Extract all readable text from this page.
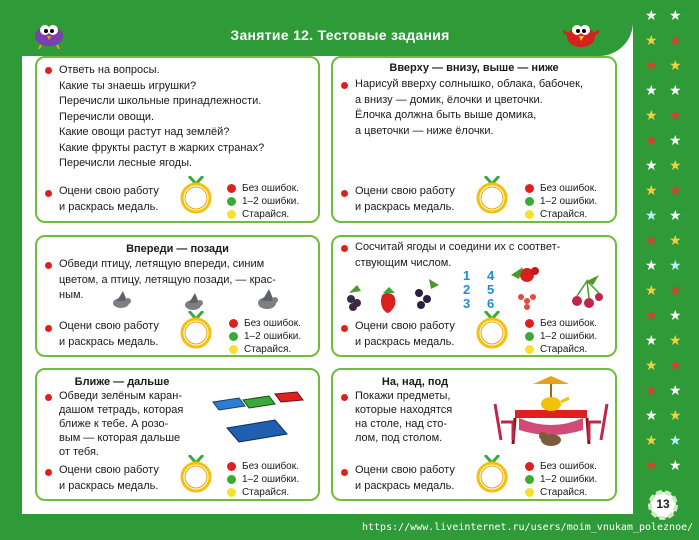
Занятие 12. Тестовые задания
★ ★
★ ★
★ ★
★ ★
★ ★
★ ★
★ ★
★ ★
★ ★
★ ★
★ ★
★ ★
★ ★
★ ★
★ ★
★ ★
★ ★
★ ★
★ ★
https://www.liveinternet.ru/users/moim_vnukam_poleznoe/
13
Ответь на вопросы.
Какие ты знаешь игрушки?
Перечисли школьные принадлежности.
Перечисли овощи.
Какие овощи растут над землёй?
Какие фрукты растут в жарких странах?
Перечисли лесные ягоды.
Оцени свою работу
и раскрась медаль.
Без ошибок.
1–2 ошибки.
Старайся.
Вверху — внизу, выше — ниже
Нарисуй вверху солнышко, облака, бабочек,
а внизу — домик, ёлочки и цветочки.
Ёлочка должна быть выше домика,
а цветочки — ниже ёлочки.
Оцени свою работу
и раскрась медаль.
Без ошибок.
1–2 ошибки.
Старайся.
Впереди — позади
Обведи птицу, летящую впереди, синим
цветом, а птицу, летящую позади, — крас-
ным.
Оцени свою работу
и раскрась медаль.
Без ошибок.
1–2 ошибки.
Старайся.
Сосчитай ягоды и соедини их с соответ-
ствующим числом.
1
2
3
4
5
6
Оцени свою работу
и раскрась медаль.
Без ошибок.
1–2 ошибки.
Старайся.
Ближе — дальше
Обведи зелёным каран-
дашом тетрадь, которая
ближе к тебе. А розо-
вым — которая дальше
от тебя.
Оцени свою работу
и раскрась медаль.
Без ошибок.
1–2 ошибки.
Старайся.
На, над, под
Покажи предметы,
которые находятся
на столе, над сто-
лом, под столом.
Оцени свою работу
и раскрась медаль.
Без ошибок.
1–2 ошибки.
Старайся.
